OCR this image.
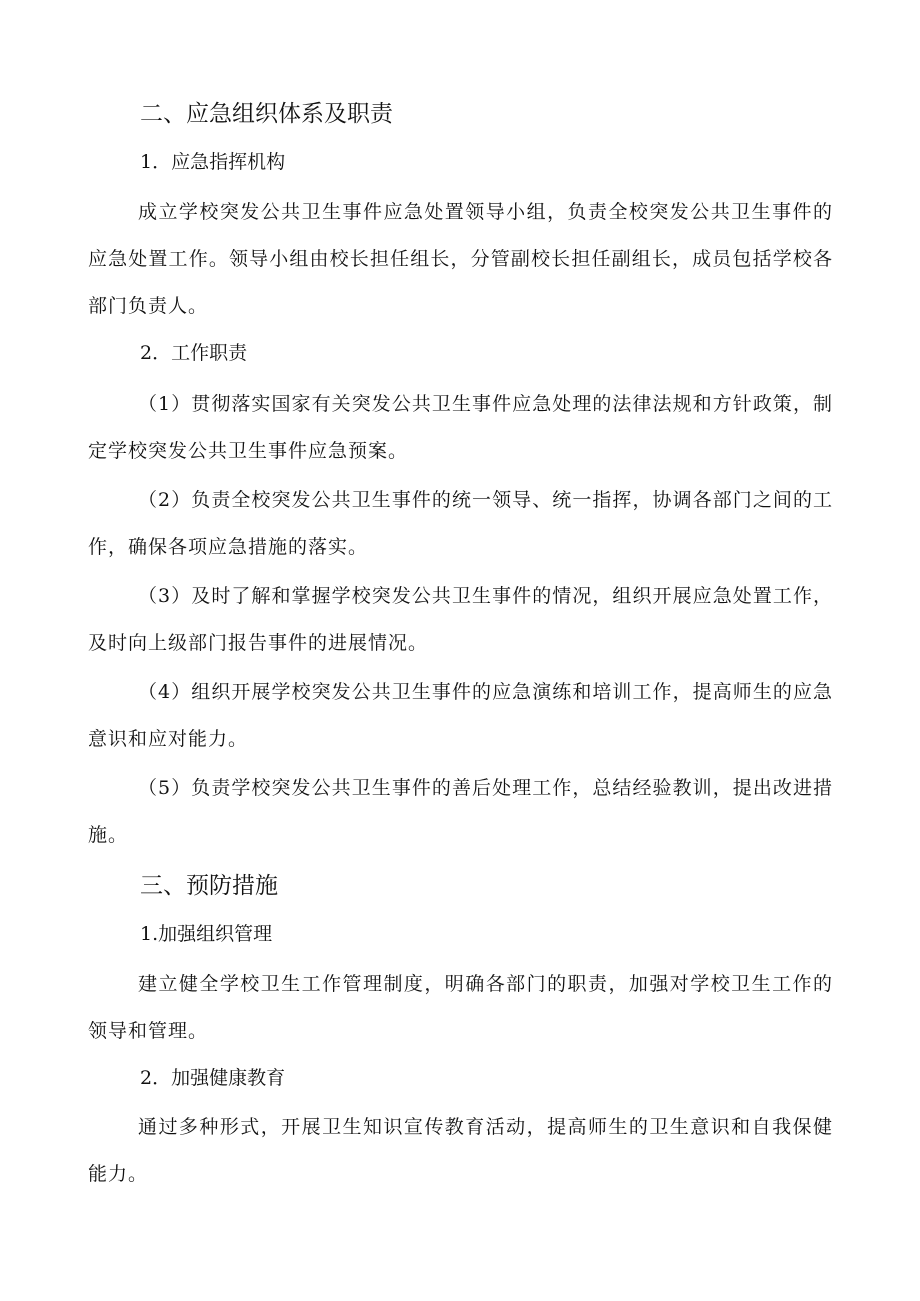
二、应急组织体系及职责
1．应急指挥机构

成立学校突发公共卫生事件应急处置领导小组，负责全校突发公共卫生事件的应急处置工作。领导小组由校长担任组长，分管副校长担任副组长，成员包括学校各部门负责人。

2．工作职责

（1）贯彻落实国家有关突发公共卫生事件应急处理的法律法规和方针政策，制定学校突发公共卫生事件应急预案。

（2）负责全校突发公共卫生事件的统一领导、统一指挥，协调各部门之间的工作，确保各项应急措施的落实。

（3）及时了解和掌握学校突发公共卫生事件的情况，组织开展应急处置工作，及时向上级部门报告事件的进展情况。

（4）组织开展学校突发公共卫生事件的应急演练和培训工作，提高师生的应急意识和应对能力。

（5）负责学校突发公共卫生事件的善后处理工作，总结经验教训，提出改进措施。

三、预防措施
1.加强组织管理

建立健全学校卫生工作管理制度，明确各部门的职责，加强对学校卫生工作的领导和管理。

2．加强健康教育

通过多种形式，开展卫生知识宣传教育活动，提高师生的卫生意识和自我保健能力。
